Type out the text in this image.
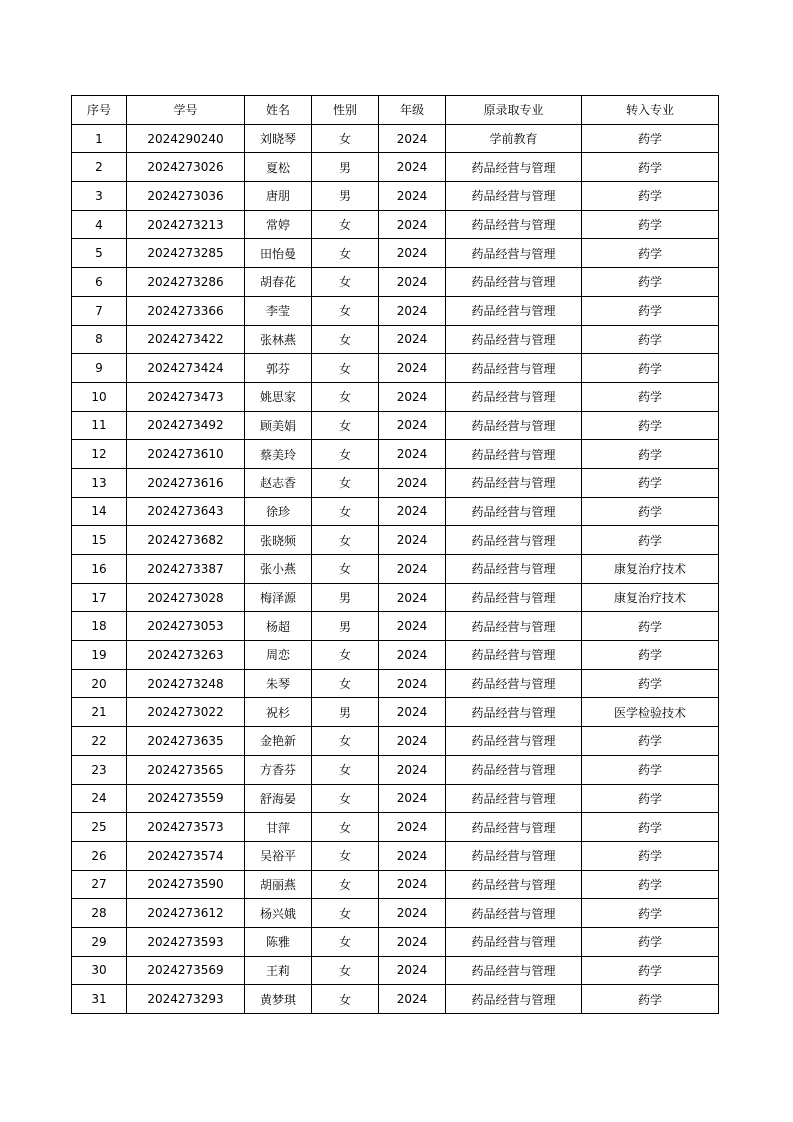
序号	学号	姓名	性别	年级	原录取专业	转入专业
1	2024290240	刘晓琴	女	2024	学前教育	药学
2	2024273026	夏松	男	2024	药品经营与管理	药学
3	2024273036	唐朋	男	2024	药品经营与管理	药学
4	2024273213	常婷	女	2024	药品经营与管理	药学
5	2024273285	田怡曼	女	2024	药品经营与管理	药学
6	2024273286	胡春花	女	2024	药品经营与管理	药学
7	2024273366	李莹	女	2024	药品经营与管理	药学
8	2024273422	张林燕	女	2024	药品经营与管理	药学
9	2024273424	郭芬	女	2024	药品经营与管理	药学
10	2024273473	姚思家	女	2024	药品经营与管理	药学
11	2024273492	顾美娟	女	2024	药品经营与管理	药学
12	2024273610	蔡美玲	女	2024	药品经营与管理	药学
13	2024273616	赵志香	女	2024	药品经营与管理	药学
14	2024273643	徐珍	女	2024	药品经营与管理	药学
15	2024273682	张晓频	女	2024	药品经营与管理	药学
16	2024273387	张小燕	女	2024	药品经营与管理	康复治疗技术
17	2024273028	梅泽源	男	2024	药品经营与管理	康复治疗技术
18	2024273053	杨超	男	2024	药品经营与管理	药学
19	2024273263	周恋	女	2024	药品经营与管理	药学
20	2024273248	朱琴	女	2024	药品经营与管理	药学
21	2024273022	祝杉	男	2024	药品经营与管理	医学检验技术
22	2024273635	金艳新	女	2024	药品经营与管理	药学
23	2024273565	方香芬	女	2024	药品经营与管理	药学
24	2024273559	舒海晏	女	2024	药品经营与管理	药学
25	2024273573	甘萍	女	2024	药品经营与管理	药学
26	2024273574	吴裕平	女	2024	药品经营与管理	药学
27	2024273590	胡丽燕	女	2024	药品经营与管理	药学
28	2024273612	杨兴娥	女	2024	药品经营与管理	药学
29	2024273593	陈雅	女	2024	药品经营与管理	药学
30	2024273569	王莉	女	2024	药品经营与管理	药学
31	2024273293	黄梦琪	女	2024	药品经营与管理	药学
